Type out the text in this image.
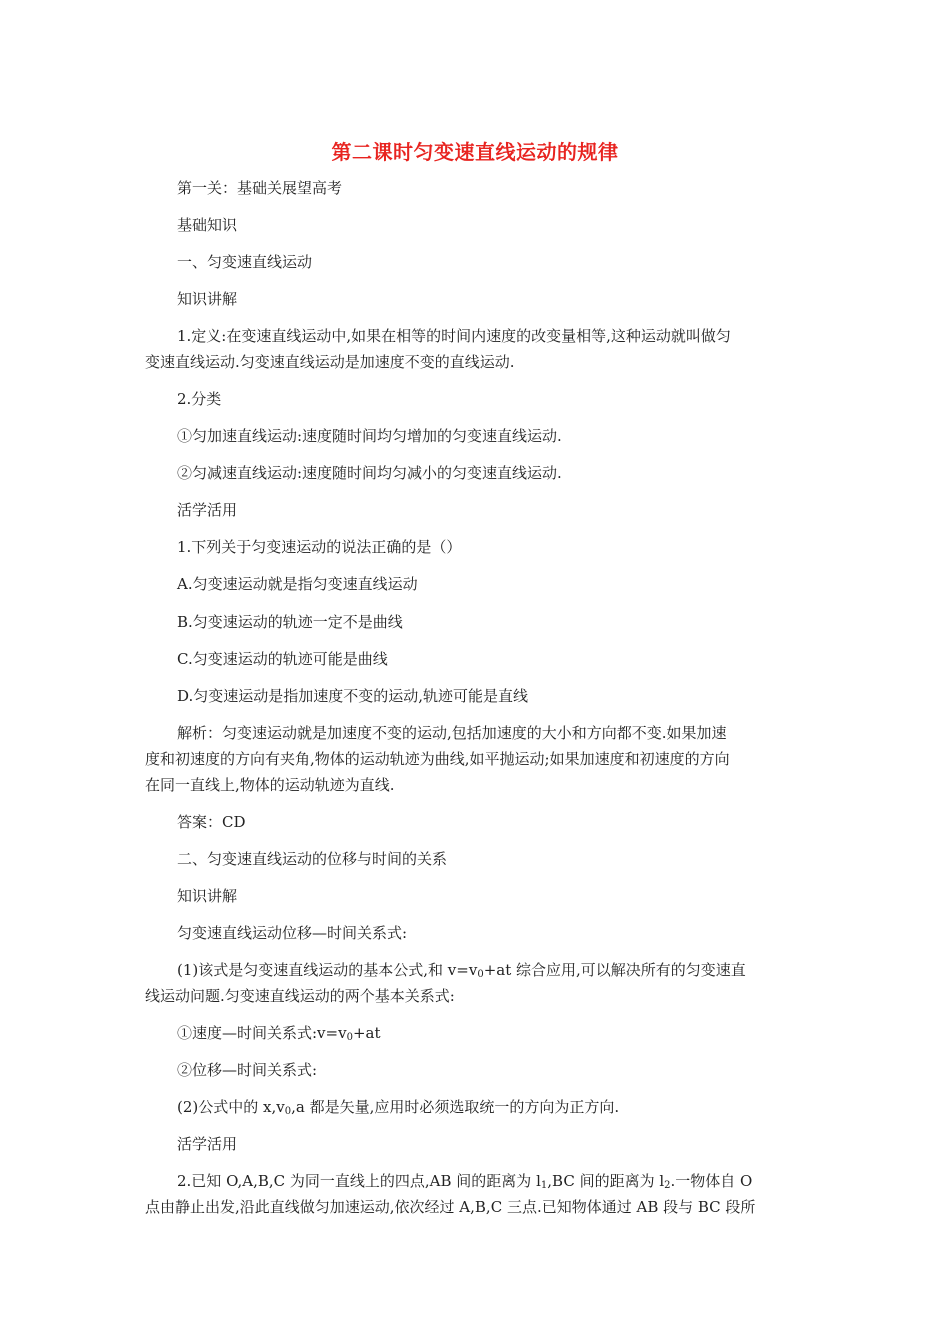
第二课时匀变速直线运动的规律
第一关：基础关展望高考
基础知识
一、匀变速直线运动
知识讲解
1.定义:在变速直线运动中,如果在相等的时间内速度的改变量相等,这种运动就叫做匀
变速直线运动.匀变速直线运动是加速度不变的直线运动.
2.分类
①匀加速直线运动:速度随时间均匀增加的匀变速直线运动.
②匀减速直线运动:速度随时间均匀减小的匀变速直线运动.
活学活用
1.下列关于匀变速运动的说法正确的是（）
A.匀变速运动就是指匀变速直线运动
B.匀变速运动的轨迹一定不是曲线
C.匀变速运动的轨迹可能是曲线
D.匀变速运动是指加速度不变的运动,轨迹可能是直线
解析：匀变速运动就是加速度不变的运动,包括加速度的大小和方向都不变.如果加速
度和初速度的方向有夹角,物体的运动轨迹为曲线,如平抛运动;如果加速度和初速度的方向
在同一直线上,物体的运动轨迹为直线.
答案：CD
二、匀变速直线运动的位移与时间的关系
知识讲解
匀变速直线运动位移—时间关系式:
(1)该式是匀变速直线运动的基本公式,和 $v=v_0+at$ 综合应用,可以解决所有的匀变速直
线运动问题.匀变速直线运动的两个基本关系式:
①速度—时间关系式$:v=v_0+at$
②位移—时间关系式:
(2)公式中的 $x,v_0,a$ 都是矢量,应用时必须选取统一的方向为正方向.
活学活用
2.已知 O,A,B,C 为同一直线上的四点,AB 间的距离为 $l_1,BC$ 间的距离为 $l_2$.一物体自 O
点由静止出发,沿此直线做匀加速运动,依次经过 A,B,C 三点.已知物体通过 AB 段与 BC 段所
